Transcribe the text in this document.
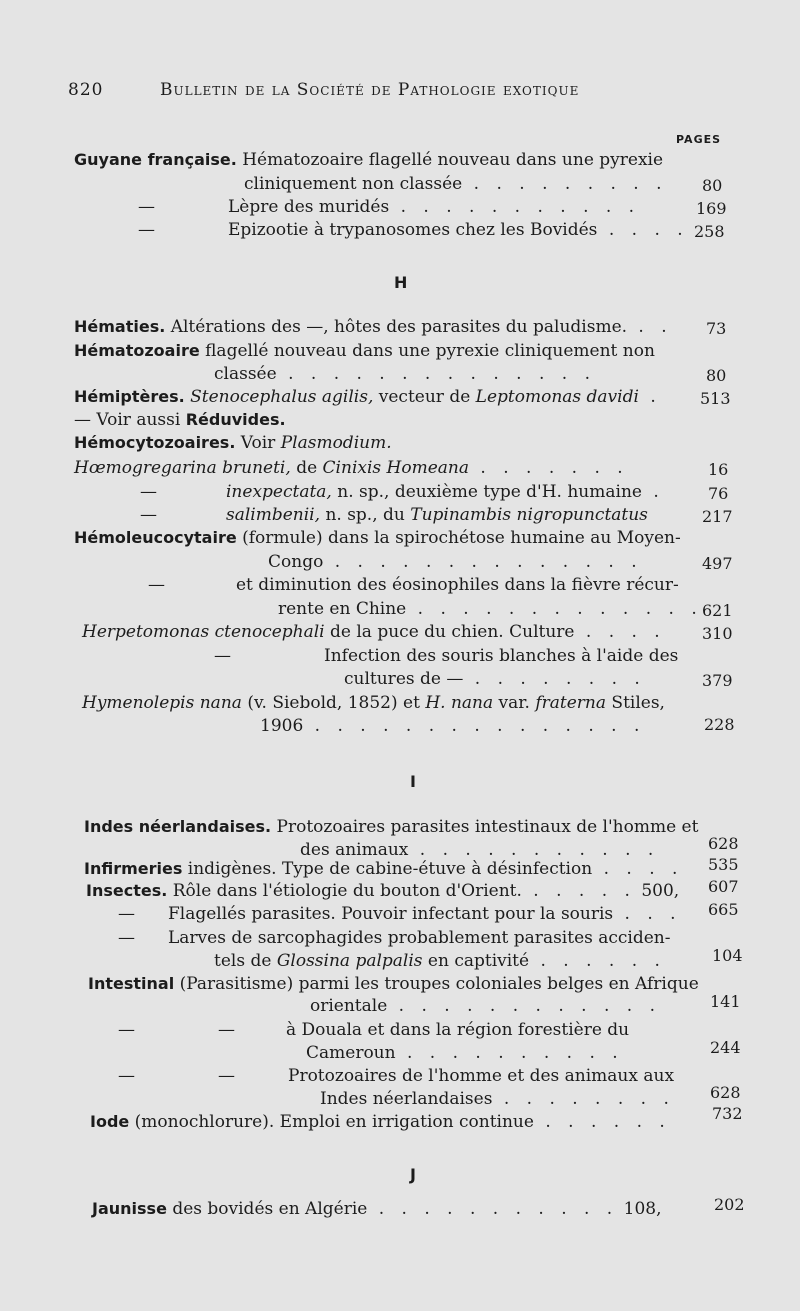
820	Bulletin de la Société de Pathologie exotique
PAGES
Guyane française. Hématozoaire flagellé nouveau dans une pyrexie
cliniquement non classée . . . . . . . . . 80
—	Lèpre des muridés . . . . . . . . . . .	169
—	Epizootie à trypanosomes chez les Bovidés . . . . 258
H
Hématies. Altérations des —, hôtes des parasites du paludisme. . . 73
Hématozoaire flagellé nouveau dans une pyrexie cliniquement non
classée . . . . . . . . . . . . . .	80
Hémiptères. Stenocephalus agilis, vecteur de Leptomonas davidi . 513
— Voir aussi Réduvides.
Hémocytozoaires. Voir Plasmodium.
Hœmogregarina bruneti, de Cinixis Homeana . . . . . . .	16
—	inexpectata, n. sp., deuxième type d'H. humaine .	76
—	salimbenii, n. sp., du Tupinambis nigropunctatus	217
Hémoleucocytaire (formule) dans la spirochétose humaine au Moyen-
Congo . . . . . . . . . . . . . .	497
—	et diminution des éosinophiles dans la fièvre récur-
rente en Chine . . . . . . . . . . . . . 621
Herpetomonas ctenocephali de la puce du chien. Culture . . . . 310
—	Infection des souris blanches à l'aide des
cultures de — . . . . . . . .	379
Hymenolepis nana (v. Siebold, 1852) et H. nana var. fraterna Stiles,
1906 . . . . . . . . . . . . . . .	228
I
Indes néerlandaises. Protozoaires parasites intestinaux de l'homme et
des animaux . . . . . . . . . . .	628
Infirmeries indigènes. Type de cabine-étuve à désinfection . . . . 535
Insectes. Rôle dans l'étiologie du bouton d'Orient. . . . . . 500, 607
— Flagellés parasites. Pouvoir infectant pour la souris . . . 665
— Larves de sarcophagides probablement parasites acciden-
tels de Glossina palpalis en captivité . . . . . .	104
Intestinal (Parasitisme) parmi les troupes coloniales belges en Afrique
orientale . . . . . . . . . . . .	141
—	—	à Douala et dans la région forestière du
Cameroun . . . . . . . . . .	244
—	—	Protozoaires de l'homme et des animaux aux
Indes néerlandaises . . . . . . . . 628
Iode (monochlorure). Emploi en irrigation continue . . . . . .	732
J
Jaunisse des bovidés en Algérie . . . . . . . . . . . 108,	202
